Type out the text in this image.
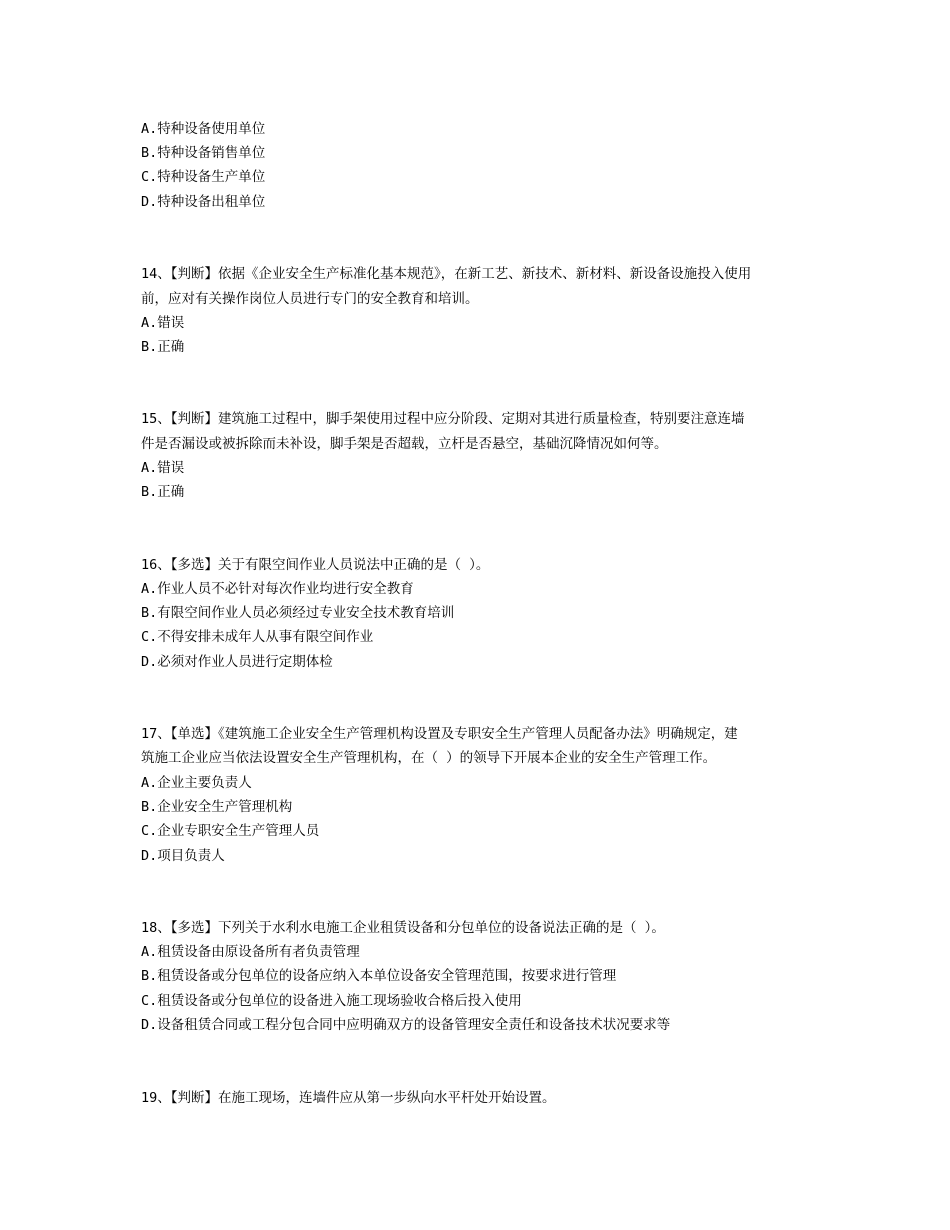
A.特种设备使用单位
B.特种设备销售单位
C.特种设备生产单位
D.特种设备出租单位
14、【判断】依据《企业安全生产标准化基本规范》，在新工艺、新技术、新材料、新设备设施投入使用
前，应对有关操作岗位人员进行专门的安全教育和培训。
A.错误
B.正确
15、【判断】建筑施工过程中，脚手架使用过程中应分阶段、定期对其进行质量检查，特别要注意连墙
件是否漏设或被拆除而未补设，脚手架是否超载，立杆是否悬空，基础沉降情况如何等。
A.错误
B.正确
16、【多选】关于有限空间作业人员说法中正确的是（ ）。
A.作业人员不必针对每次作业均进行安全教育
B.有限空间作业人员必须经过专业安全技术教育培训
C.不得安排未成年人从事有限空间作业
D.必须对作业人员进行定期体检
17、【单选】《建筑施工企业安全生产管理机构设置及专职安全生产管理人员配备办法》明确规定，建
筑施工企业应当依法设置安全生产管理机构，在（ ）的领导下开展本企业的安全生产管理工作。
A.企业主要负责人
B.企业安全生产管理机构
C.企业专职安全生产管理人员
D.项目负责人
18、【多选】下列关于水利水电施工企业租赁设备和分包单位的设备说法正确的是（ ）。
A.租赁设备由原设备所有者负责管理
B.租赁设备或分包单位的设备应纳入本单位设备安全管理范围，按要求进行管理
C.租赁设备或分包单位的设备进入施工现场验收合格后投入使用
D.设备租赁合同或工程分包合同中应明确双方的设备管理安全责任和设备技术状况要求等
19、【判断】在施工现场，连墙件应从第一步纵向水平杆处开始设置。
